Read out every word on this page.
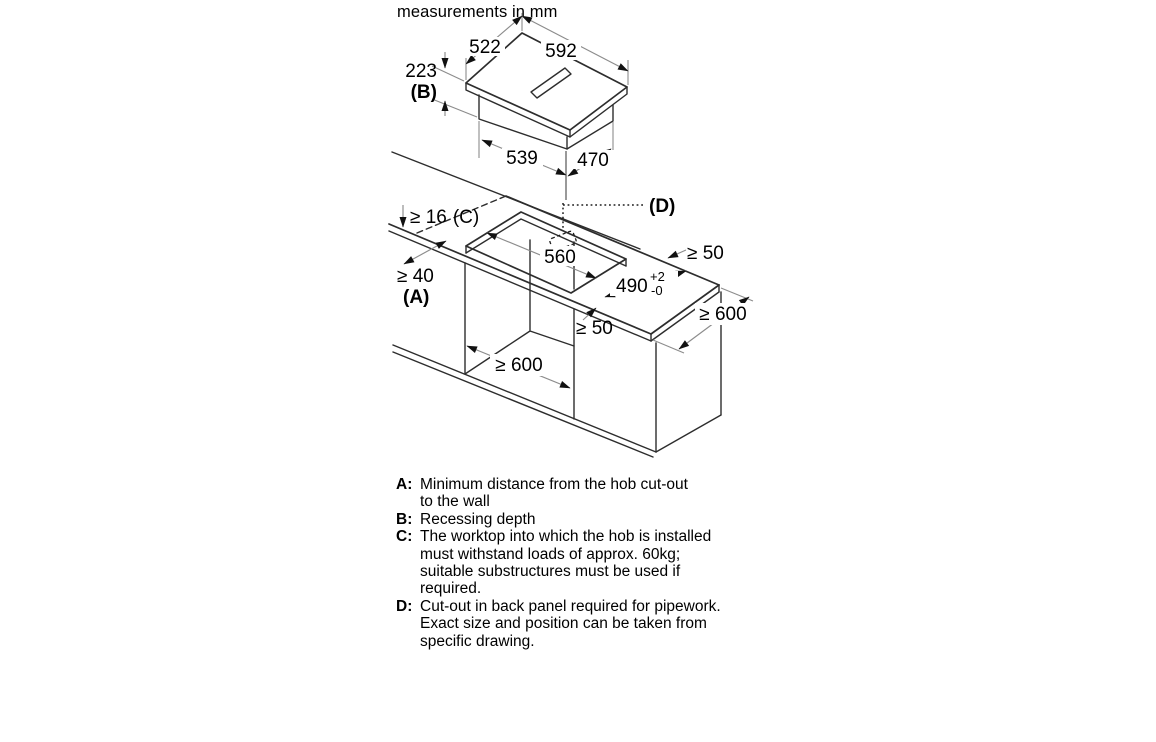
measurements in mm
522 592
223
(B)
539 470
≥ 16 (C)
≥ 40
(A)
(D)
560
490 +2
-0
≥ 50
≥ 600
≥ 50
≥ 600
A: Minimum distance from the hob cut-out
to the wall
B: Recessing depth
C: The worktop into which the hob is installed
must withstand loads of approx. 60kg;
suitable substructures must be used if
required.
D: Cut-out in back panel required for pipework.
Exact size and position can be taken from
specific drawing.
